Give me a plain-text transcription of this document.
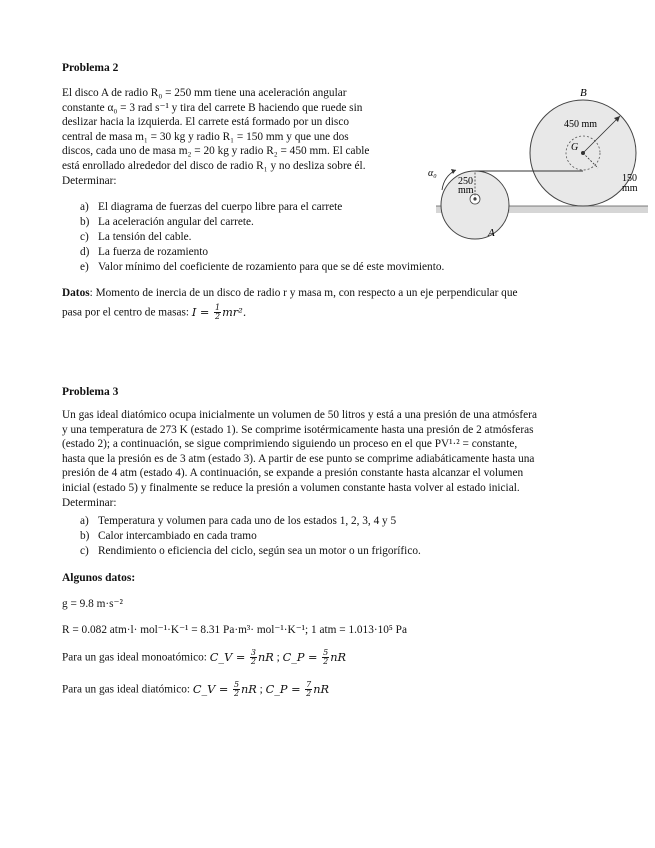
Problema 2
El disco A de radio R₀ = 250 mm tiene una aceleración angular
constante α₀ = 3 rad s⁻¹ y tira del carrete B haciendo que ruede sin
deslizar hacia la izquierda. El carrete está formado por un disco
central de masa m₁ = 30 kg y radio R₁ = 150 mm y que une dos
discos, cada uno de masa m₂ = 20 kg y radio R₂ = 450 mm. El cable
está enrollado alrededor del disco de radio R₁ y no desliza sobre él.
Determinar:
a) El diagrama de fuerzas del cuerpo libre para el carrete
b) La aceleración angular del carrete.
c) La tensión del cable.
d) La fuerza de rozamiento
e) Valor mínimo del coeficiente de rozamiento para que se dé este movimiento.
Datos: Momento de inercia de un disco de radio r y masa m, con respecto a un eje perpendicular que
pasa por el centro de masas: $I = \frac{1}{2} mr^2$.
B
A
G
α₀
450 mm
150
mm
250
mm
Problema 3
Un gas ideal diatómico ocupa inicialmente un volumen de 50 litros y está a una presión de una atmósfera
y una temperatura de 273 K (estado 1). Se comprime isotérmicamente hasta una presión de 2 atmósferas
(estado 2); a continuación, se sigue comprimiendo siguiendo un proceso en el que PV¹·² = constante,
hasta que la presión es de 3 atm (estado 3). A partir de ese punto se comprime adiabáticamente hasta una
presión de 4 atm (estado 4). A continuación, se expande a presión constante hasta alcanzar el volumen
inicial (estado 5) y finalmente se reduce la presión a volumen constante hasta volver al estado inicial.
Determinar:
a) Temperatura y volumen para cada uno de los estados 1, 2, 3, 4 y 5
b) Calor intercambiado en cada tramo
c) Rendimiento o eficiencia del ciclo, según sea un motor o un frigorífico.
Algunos datos:
g = 9.8 m·s⁻²
R = 0.082 atm·l· mol⁻¹·K⁻¹ = 8.31 Pa·m³· mol⁻¹·K⁻¹; 1 atm = 1.013·10⁵ Pa
Para un gas ideal monoatómico: C_V = $\frac{3}{2}$ nR ; C_P = $\frac{5}{2}$ nR
Para un gas ideal diatómico: C_V = $\frac{5}{2}$ nR ; C_P = $\frac{7}{2}$ nR
